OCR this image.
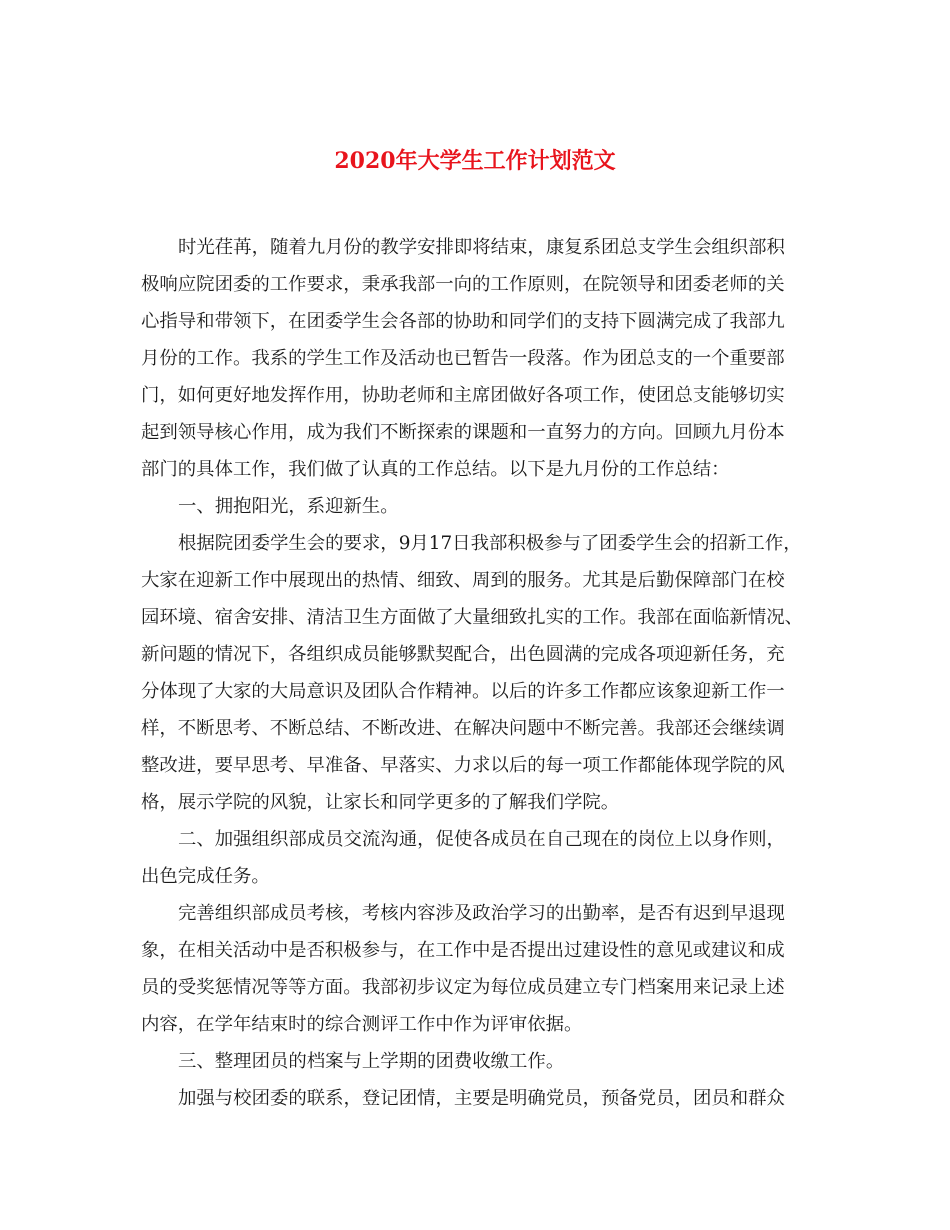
2020年大学生工作计划范文
时光荏苒，随着九月份的教学安排即将结束，康复系团总支学生会组织部积
极响应院团委的工作要求，秉承我部一向的工作原则，在院领导和团委老师的关
心指导和带领下，在团委学生会各部的协助和同学们的支持下圆满完成了我部九
月份的工作。我系的学生工作及活动也已暂告一段落。作为团总支的一个重要部
门，如何更好地发挥作用，协助老师和主席团做好各项工作，使团总支能够切实
起到领导核心作用，成为我们不断探索的课题和一直努力的方向。回顾九月份本
部门的具体工作，我们做了认真的工作总结。以下是九月份的工作总结：
一、拥抱阳光，系迎新生。
根据院团委学生会的要求，9月17日我部积极参与了团委学生会的招新工作，
大家在迎新工作中展现出的热情、细致、周到的服务。尤其是后勤保障部门在校
园环境、宿舍安排、清洁卫生方面做了大量细致扎实的工作。我部在面临新情况、
新问题的情况下，各组织成员能够默契配合，出色圆满的完成各项迎新任务，充
分体现了大家的大局意识及团队合作精神。以后的许多工作都应该象迎新工作一
样，不断思考、不断总结、不断改进、在解决问题中不断完善。我部还会继续调
整改进，要早思考、早准备、早落实、力求以后的每一项工作都能体现学院的风
格，展示学院的风貌，让家长和同学更多的了解我们学院。
二、加强组织部成员交流沟通，促使各成员在自己现在的岗位上以身作则，
出色完成任务。
完善组织部成员考核，考核内容涉及政治学习的出勤率，是否有迟到早退现
象，在相关活动中是否积极参与，在工作中是否提出过建设性的意见或建议和成
员的受奖惩情况等等方面。我部初步议定为每位成员建立专门档案用来记录上述
内容，在学年结束时的综合测评工作中作为评审依据。
三、整理团员的档案与上学期的团费收缴工作。
加强与校团委的联系，登记团情，主要是明确党员，预备党员，团员和群众
